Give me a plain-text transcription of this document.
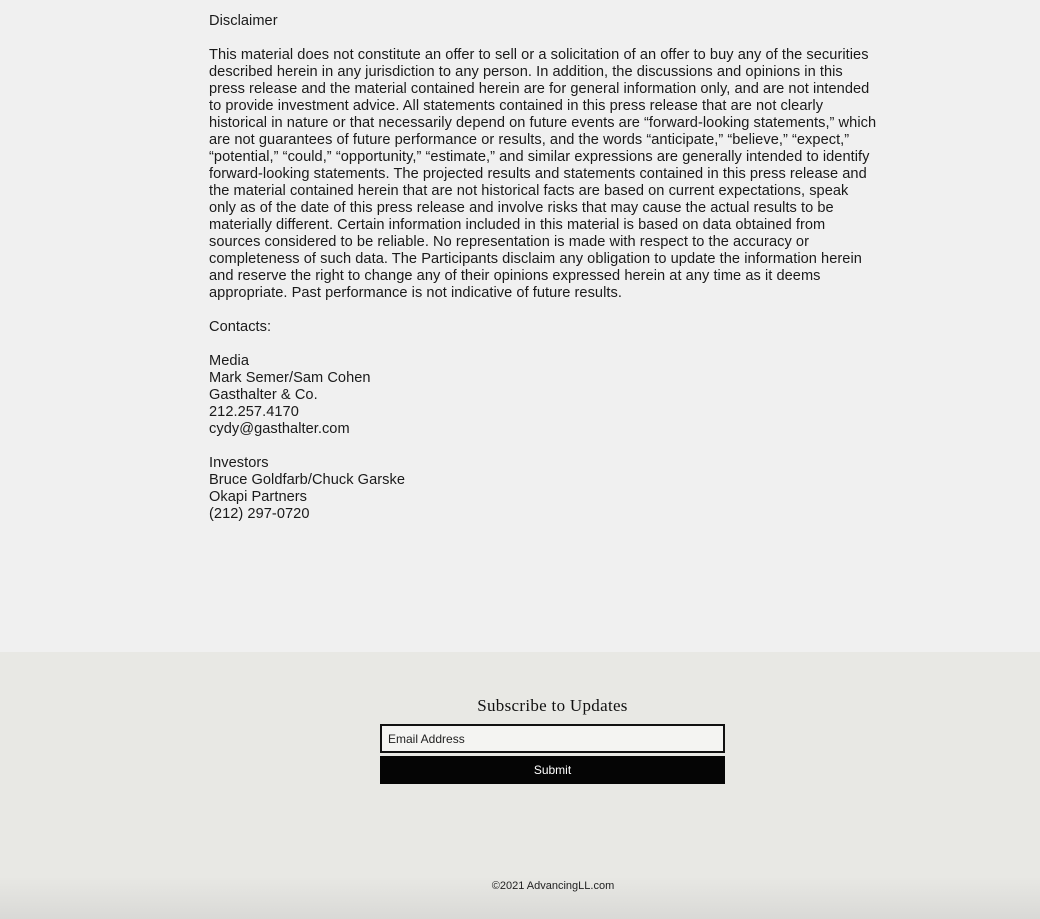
Disclaimer

This material does not constitute an offer to sell or a solicitation of an offer to buy any of the securities described herein in any jurisdiction to any person. In addition, the discussions and opinions in this press release and the material contained herein are for general information only, and are not intended to provide investment advice. All statements contained in this press release that are not clearly historical in nature or that necessarily depend on future events are “forward-looking statements,” which are not guarantees of future performance or results, and the words “anticipate,” “believe,” “expect,” “potential,” “could,” “opportunity,” “estimate,” and similar expressions are generally intended to identify forward-looking statements. The projected results and statements contained in this press release and the material contained herein that are not historical facts are based on current expectations, speak only as of the date of this press release and involve risks that may cause the actual results to be materially different. Certain information included in this material is based on data obtained from sources considered to be reliable. No representation is made with respect to the accuracy or completeness of such data. The Participants disclaim any obligation to update the information herein and reserve the right to change any of their opinions expressed herein at any time as it deems appropriate. Past performance is not indicative of future results.

Contacts:

Media

Mark Semer/Sam Cohen

Gasthalter & Co.

212.257.4170

cydy@gasthalter.com

Investors

Bruce Goldfarb/Chuck Garske

Okapi Partners

(212) 297-0720

Subscribe to Updates
Email Address
Submit
©2021 AdvancingLL.com
